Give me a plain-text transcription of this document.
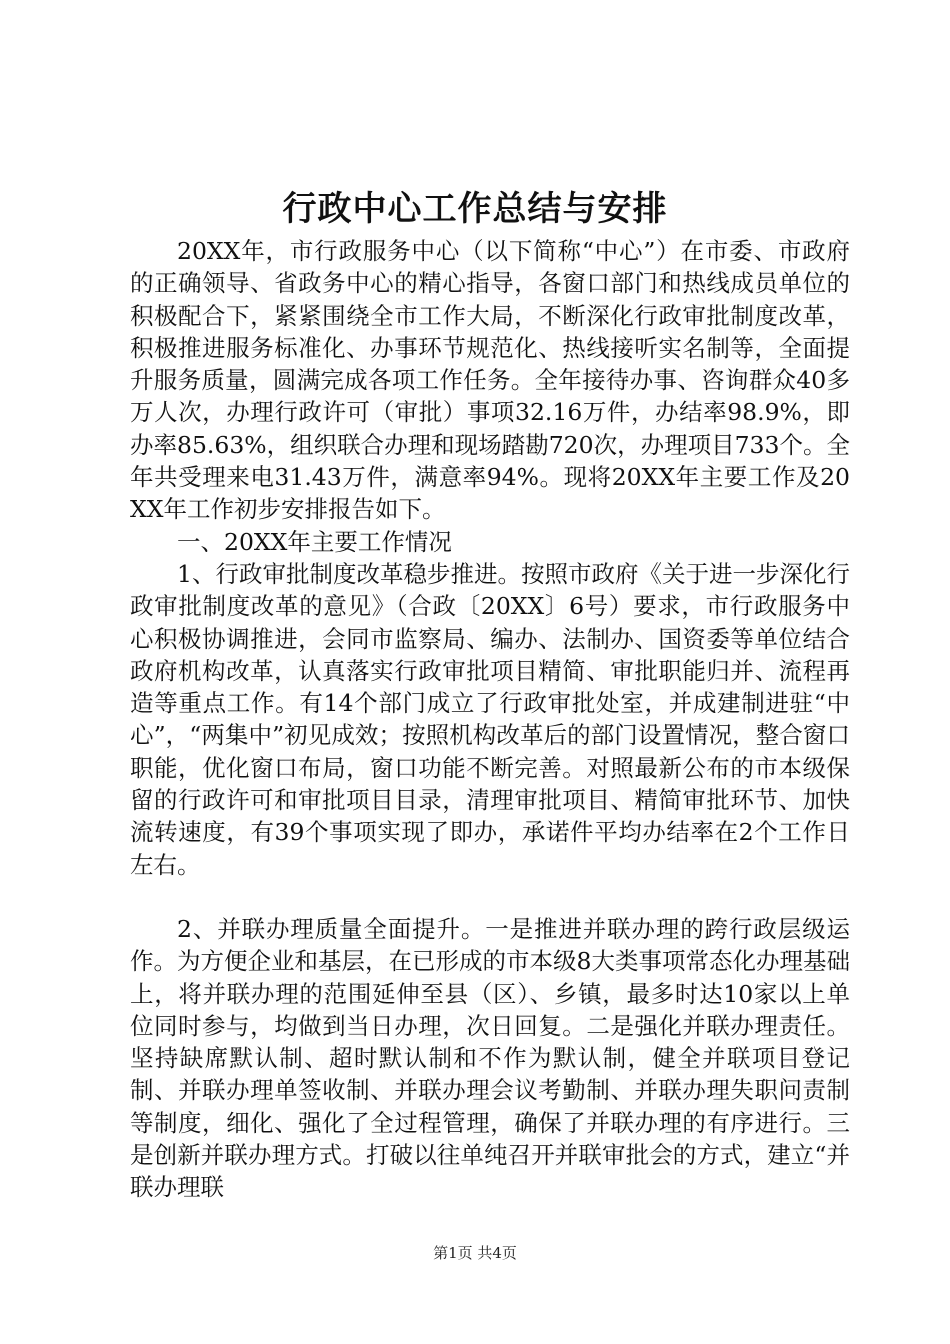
行政中心工作总结与安排

20XX年，市行政服务中心（以下简称“中心”）在市委、市政府的正确领导、省政务中心的精心指导，各窗口部门和热线成员单位的积极配合下，紧紧围绕全市工作大局，不断深化行政审批制度改革，积极推进服务标准化、办事环节规范化、热线接听实名制等，全面提升服务质量，圆满完成各项工作任务。全年接待办事、咨询群众40多万人次，办理行政许可（审批）事项32.16万件，办结率98.9%，即办率85.63%，组织联合办理和现场踏勘720次，办理项目733个。全年共受理来电31.43万件，满意率94%。现将20XX年主要工作及20XX年工作初步安排报告如下。

一、20XX年主要工作情况

1、行政审批制度改革稳步推进。按照市政府《关于进一步深化行政审批制度改革的意见》（合政〔20XX〕6号）要求，市行政服务中心积极协调推进，会同市监察局、编办、法制办、国资委等单位结合政府机构改革，认真落实行政审批项目精简、审批职能归并、流程再造等重点工作。有14个部门成立了行政审批处室，并成建制进驻“中心”，“两集中”初见成效；按照机构改革后的部门设置情况，整合窗口职能，优化窗口布局，窗口功能不断完善。对照最新公布的市本级保留的行政许可和审批项目目录，清理审批项目、精简审批环节、加快流转速度，有39个事项实现了即办，承诺件平均办结率在2个工作日左右。

2、并联办理质量全面提升。一是推进并联办理的跨行政层级运作。为方便企业和基层，在已形成的市本级8大类事项常态化办理基础上，将并联办理的范围延伸至县（区）、乡镇，最多时达10家以上单位同时参与，均做到当日办理，次日回复。二是强化并联办理责任。坚持缺席默认制、超时默认制和不作为默认制，健全并联项目登记制、并联办理单签收制、并联办理会议考勤制、并联办理失职问责制等制度，细化、强化了全过程管理，确保了并联办理的有序进行。三是创新并联办理方式。打破以往单纯召开并联审批会的方式，建立“并联办理联

第1页 共4页
